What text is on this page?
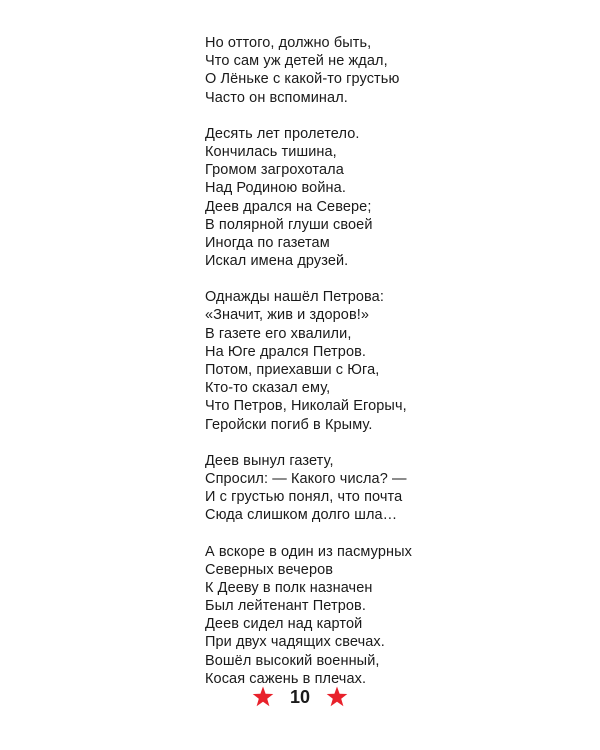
Но оттого, должно быть,
Что сам уж детей не ждал,
О Лёньке с какой-то грустью
Часто он вспоминал.
Десять лет пролетело.
Кончилась тишина,
Громом загрохотала
Над Родиною война.
Деев дрался на Севере;
В полярной глуши своей
Иногда по газетам
Искал имена друзей.
Однажды нашёл Петрова:
«Значит, жив и здоров!»
В газете его хвалили,
На Юге дрался Петров.
Потом, приехавши с Юга,
Кто-то сказал ему,
Что Петров, Николай Егорыч,
Геройски погиб в Крыму.
Деев вынул газету,
Спросил: — Какого числа? —
И с грустью понял, что почта
Сюда слишком долго шла…
А вскоре в один из пасмурных
Северных вечеров
К Дееву в полк назначен
Был лейтенант Петров.
Деев сидел над картой
При двух чадящих свечах.
Вошёл высокий военный,
Косая сажень в плечах.
10
